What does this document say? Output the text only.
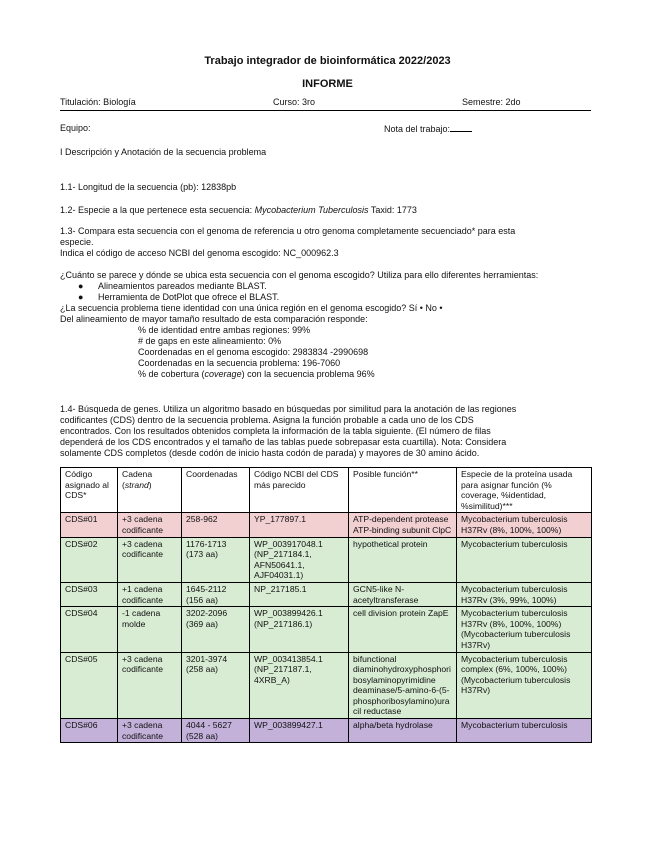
Trabajo integrador de bioinformática 2022/2023
INFORME
Titulación: Biología	Curso: 3ro	Semestre: 2do
Equipo:	Nota del trabajo:
I Descripción y Anotación de la secuencia problema
1.1- Longitud de la secuencia (pb): 12838pb
1.2- Especie a la que pertenece esta secuencia: Mycobacterium Tuberculosis Taxid: 1773
1.3- Compara esta secuencia con el genoma de referencia u otro genoma completamente secuenciado* para esta
especie.
Indica el código de acceso NCBI del genoma escogido: NC_000962.3
¿Cuánto se parece y dónde se ubica esta secuencia con el genoma escogido? Utiliza para ello diferentes herramientas:
● Alineamientos pareados mediante BLAST.
● Herramienta de DotPlot que ofrece el BLAST.
¿La secuencia problema tiene identidad con una única región en el genoma escogido? Sí • No •
Del alineamiento de mayor tamaño resultado de esta comparación responde:
% de identidad entre ambas regiones: 99%
# de gaps en este alineamiento: 0%
Coordenadas en el genoma escogido: 2983834 -2990698
Coordenadas en la secuencia problema: 196-7060
% de cobertura (coverage) con la secuencia problema 96%
1.4- Búsqueda de genes. Utiliza un algoritmo basado en búsquedas por similitud para la anotación de las regiones
codificantes (CDS) dentro de la secuencia problema. Asigna la función probable a cada uno de los CDS
encontrados. Con los resultados obtenidos completa la información de la tabla siguiente. (El número de filas
dependerá de los CDS encontrados y el tamaño de las tablas puede sobrepasar esta cuartilla). Nota: Considera
solamente CDS completos (desde codón de inicio hasta codón de parada) y mayores de 30 amino ácido.
Código asignado al CDS*	Cadena (strand)	Coordenadas	Código NCBI del CDS más parecido	Posible función**	Especie de la proteína usada para asignar función (% coverage, %identidad, %similitud)***
CDS#01	+3 cadena codificante	258-962	YP_177897.1	ATP-dependent protease ATP-binding subunit ClpC	Mycobacterium tuberculosis H37Rv (8%, 100%, 100%)
CDS#02	+3 cadena codificante	1176-1713 (173 aa)	WP_003917048.1 (NP_217184.1, AFN50641.1, AJF04031.1)	hypothetical protein	Mycobacterium tuberculosis
CDS#03	+1 cadena codificante	1645-2112 (156 aa)	NP_217185.1	GCN5-like N-acetyltransferase	Mycobacterium tuberculosis H37Rv (3%, 99%, 100%)
CDS#04	-1 cadena molde	3202-2096 (369 aa)	WP_003899426.1 (NP_217186.1)	cell division protein ZapE	Mycobacterium tuberculosis H37Rv (8%, 100%, 100%) (Mycobacterium tuberculosis H37Rv)
CDS#05	+3 cadena codificante	3201-3974 (258 aa)	WP_003413854.1 (NP_217187.1, 4XRB_A)	bifunctional diaminohydroxyphosphoribosylaminopyrimidine deaminase/5-amino-6-(5-phosphoribosylamino)uracil reductase	Mycobacterium tuberculosis complex (6%, 100%, 100%) (Mycobacterium tuberculosis H37Rv)
CDS#06	+3 cadena codificante	4044 - 5627 (528 aa)	WP_003899427.1	alpha/beta hydrolase	Mycobacterium tuberculosis
